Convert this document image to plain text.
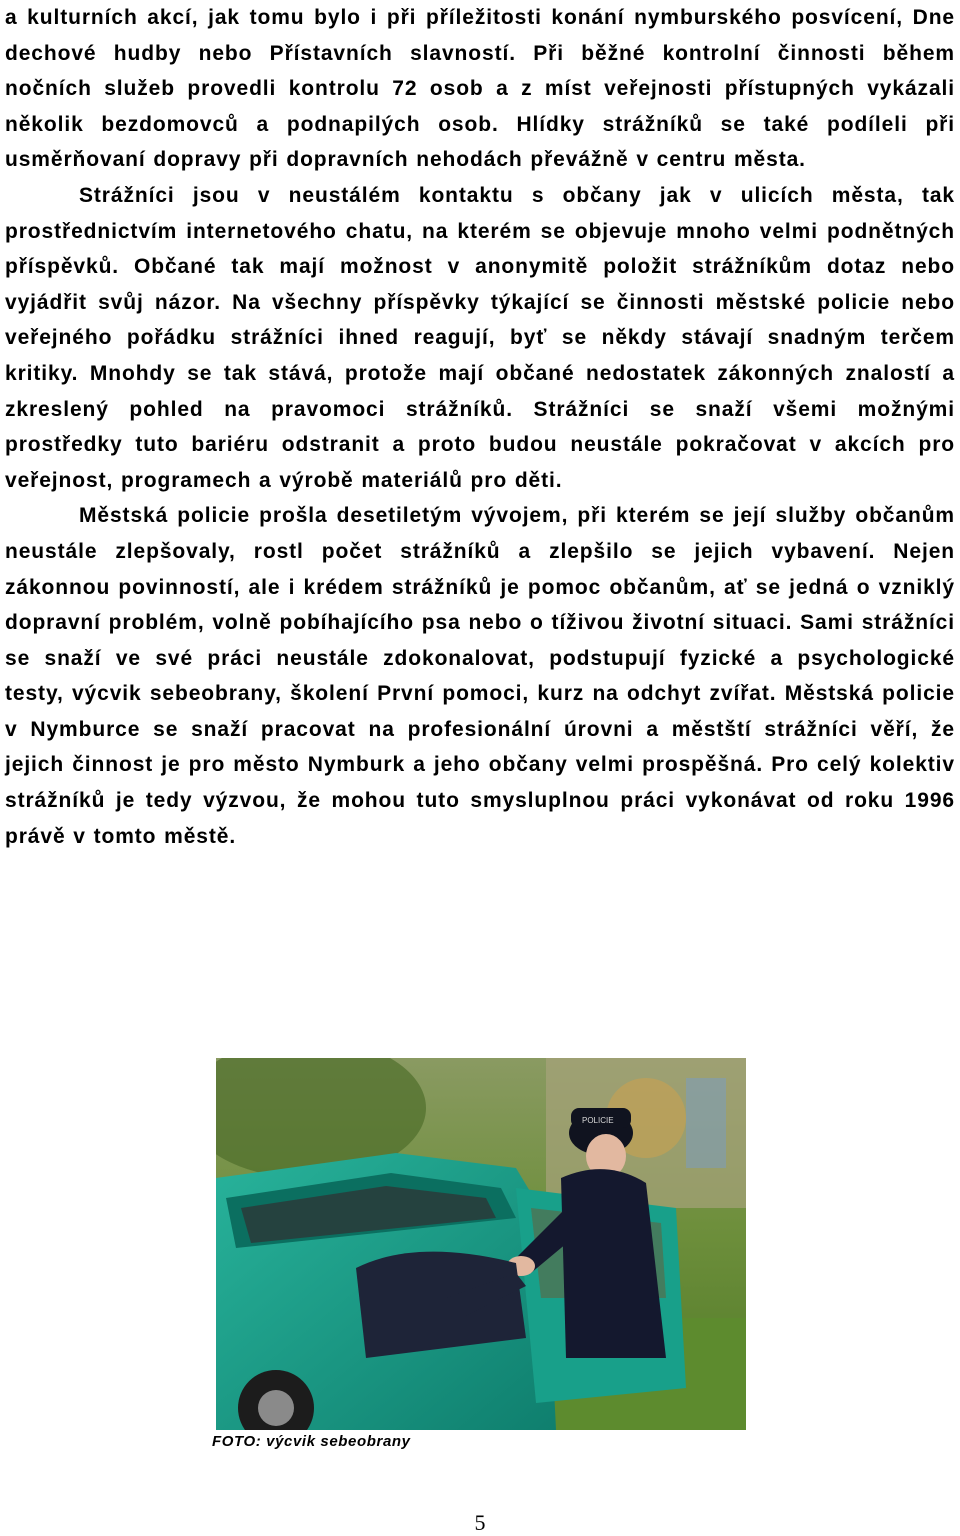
a kulturních akcí, jak tomu bylo i při příležitosti konání nymburského posvícení, Dne dechové hudby nebo Přístavních slavností. Při běžné kontrolní činnosti během nočních služeb provedli kontrolu 72 osob a z míst veřejnosti přístupných vykázali několik bezdomovců a podnapilých osob. Hlídky strážníků se také podíleli při usměrňovaní dopravy při dopravních nehodách převážně v centru města.

Strážníci jsou v neustálém kontaktu s občany jak v ulicích města, tak prostřednictvím internetového chatu, na kterém se objevuje mnoho velmi podnětných příspěvků. Občané tak mají možnost v anonymitě položit strážníkům dotaz nebo vyjádřit svůj názor. Na všechny příspěvky týkající se činnosti městské policie nebo veřejného pořádku strážníci ihned reagují, byť se někdy stávají snadným terčem kritiky. Mnohdy se tak stává, protože mají občané nedostatek zákonných znalostí a zkreslený pohled na pravomoci strážníků. Strážníci se snaží všemi možnými prostředky tuto bariéru odstranit a proto budou neustále pokračovat v akcích pro veřejnost, programech a výrobě materiálů pro děti.

Městská policie prošla desetiletým vývojem, při kterém se její služby občanům neustále zlepšovaly, rostl počet strážníků a zlepšilo se jejich vybavení. Nejen zákonnou povinností, ale i krédem strážníků je pomoc občanům, ať se jedná o vzniklý dopravní problém, volně pobíhajícího psa nebo o tíživou životní situaci. Sami strážníci se snaží ve své práci neustále zdokonalovat, podstupují fyzické a psychologické testy, výcvik sebeobrany, školení První pomoci, kurz na odchyt zvířat. Městská policie v Nymburce se snaží pracovat na profesionální úrovni a městští strážníci věří, že jejich činnost je pro město Nymburk a jeho občany velmi prospěšná. Pro celý kolektiv strážníků je tedy výzvou, že mohou tuto smysluplnou práci vykonávat od roku 1996 právě v tomto městě.

POLICIE
FOTO: výcvik sebeobrany
5
